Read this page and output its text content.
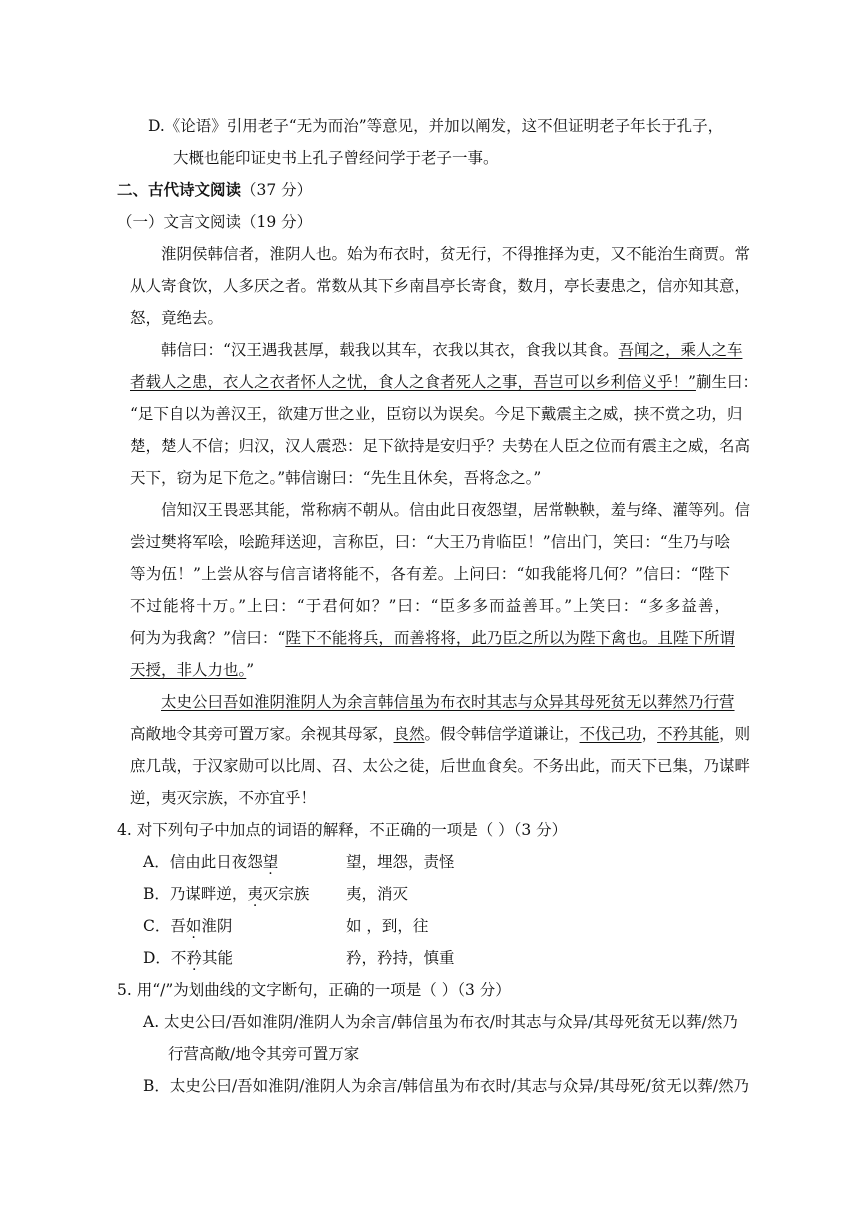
D.《论语》引用老子“无为而治”等意见，并加以阐发，这不但证明老子年长于孔子，
大概也能印证史书上孔子曾经问学于老子一事。
二、古代诗文阅读（37 分）
（一）文言文阅读（19 分）
淮阴侯韩信者，淮阴人也。始为布衣时，贫无行，不得推择为吏，又不能治生商贾。常
从人寄食饮，人多厌之者。常数从其下乡南昌亭长寄食，数月，亭长妻患之，信亦知其意，
怒，竟绝去。
韩信曰：“汉王遇我甚厚，载我以其车，衣我以其衣，食我以其食。吾闻之，乘人之车
者载人之患，衣人之衣者怀人之忧，食人之食者死人之事，吾岂可以乡利倍义乎！”蒯生曰：
“足下自以为善汉王，欲建万世之业，臣窃以为误矣。今足下戴震主之威，挟不赏之功，归
楚，楚人不信；归汉，汉人震恐：足下欲持是安归乎？夫势在人臣之位而有震主之威，名高
天下，窃为足下危之。”韩信谢曰：“先生且休矣，吾将念之。”
信知汉王畏恶其能，常称病不朝从。信由此日夜怨望，居常鞅鞅，羞与绛、灌等列。信
尝过樊将军哙，哙跪拜送迎，言称臣，曰：“大王乃肯临臣！”信出门，笑曰：“生乃与哙
等为伍！”上尝从容与信言诸将能不，各有差。上问曰：“如我能将几何？”信曰：“陛下
不过能将十万。”上曰：“于君何如？”曰：“臣多多而益善耳。”上笑曰：“多多益善，
何为为我禽？”信曰：“陛下不能将兵，而善将将，此乃臣之所以为陛下禽也。且陛下所谓
天授，非人力也。”
太史公曰吾如淮阴淮阴人为余言韩信虽为布衣时其志与众异其母死贫无以葬然乃行营
高敞地令其旁可置万家。余视其母冢，良然。假令韩信学道谦让，不伐己功，不矜其能，则
庶几哉，于汉家勋可以比周、召、太公之徒，后世血食矣。不务出此，而天下已集，乃谋畔
逆，夷灭宗族，不亦宜乎！
4. 对下列句子中加点的词语的解释，不正确的一项是（ ）（3 分）
A．信由此日夜怨望	望，埋怨，责怪
B．乃谋畔逆，夷灭宗族 夷，消灭
C．吾如淮阴	如 ，到，往
D．不矜其能	矜，矜持，慎重
5. 用“/”为划曲线的文字断句，正确的一项是（ ）（3 分）
A. 太史公曰/吾如淮阴/淮阴人为余言/韩信虽为布衣/时其志与众异/其母死贫无以葬/然乃
行营高敞/地令其旁可置万家
B．太史公曰/吾如淮阴/淮阴人为余言/韩信虽为布衣时/其志与众异/其母死/贫无以葬/然乃
